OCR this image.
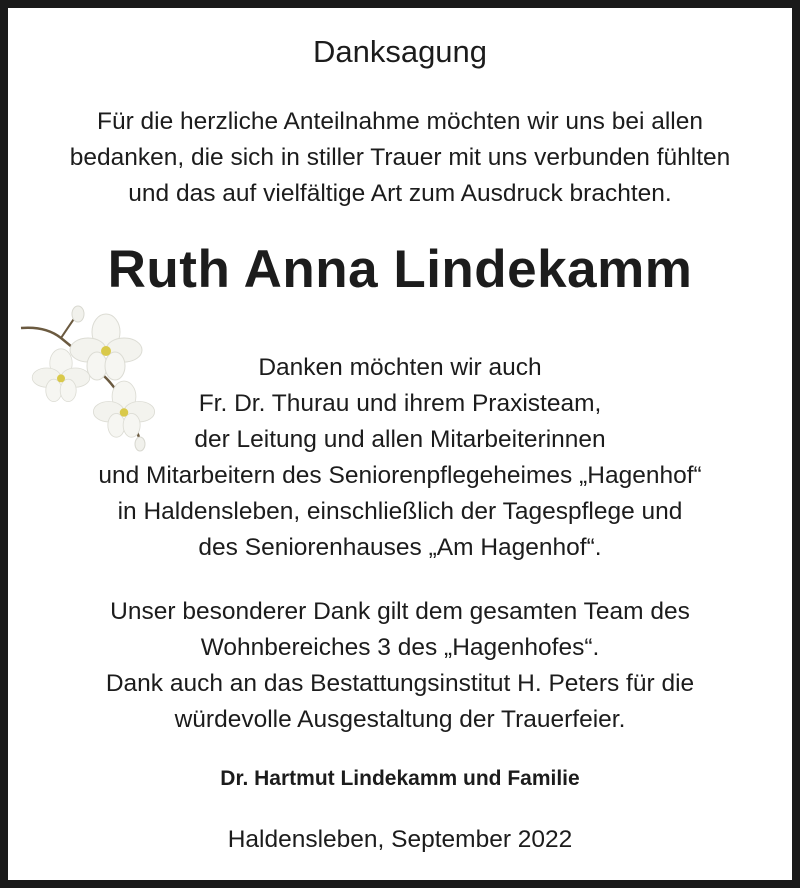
Danksagung
Für die herzliche Anteilnahme möchten wir uns bei allen
bedanken, die sich in stiller Trauer mit uns verbunden fühlten
und das auf vielfältige Art zum Ausdruck brachten.
Ruth Anna Lindekamm
Danken möchten wir auch
Fr. Dr. Thurau und ihrem Praxisteam,
der Leitung und allen Mitarbeiterinnen
und Mitarbeitern des Seniorenpflegeheimes „Hagenhof“
in Haldensleben, einschließlich der Tagespflege und
des Seniorenhauses „Am Hagenhof“.
Unser besonderer Dank gilt dem gesamten Team des
Wohnbereiches 3 des „Hagenhofes“.
Dank auch an das Bestattungsinstitut H. Peters für die
würdevolle Ausgestaltung der Trauerfeier.
Dr. Hartmut Lindekamm und Familie
Haldensleben, September 2022
